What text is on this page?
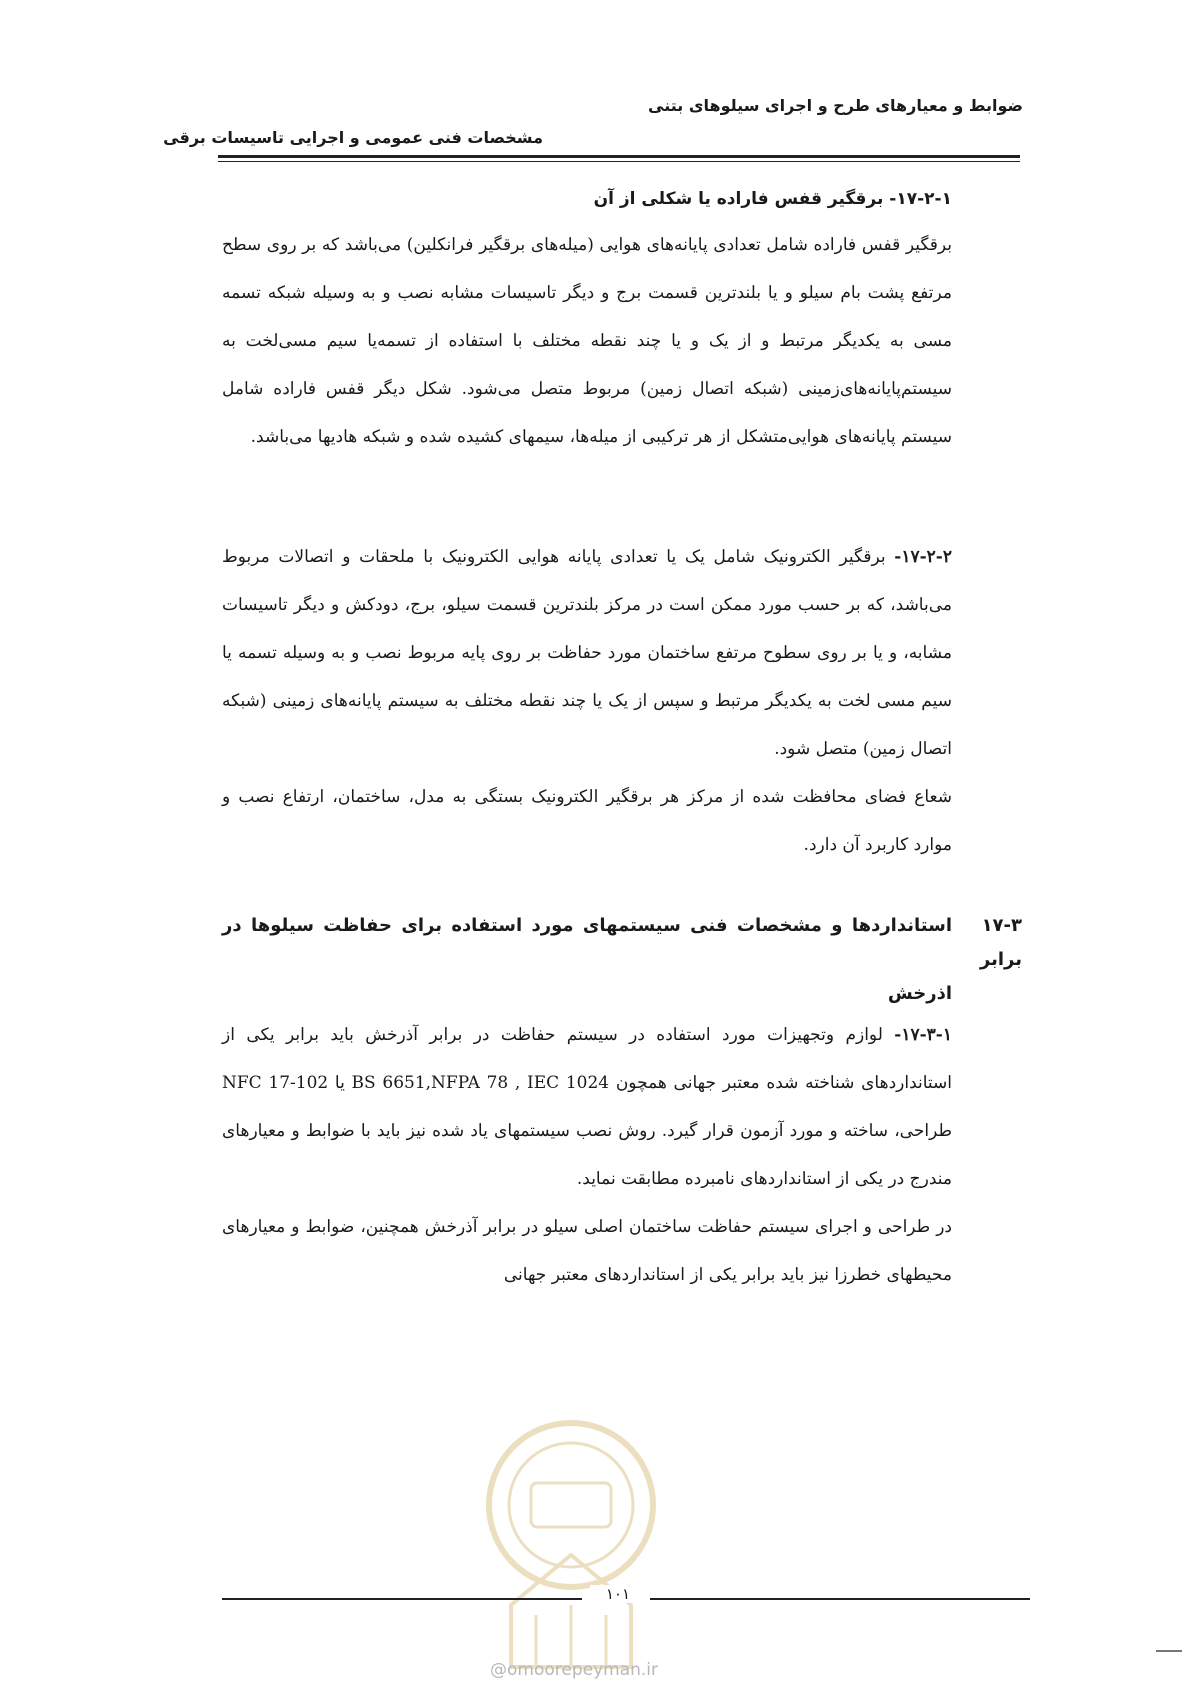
ضوابط و معیارهای طرح و اجرای سیلوهای بتنی
مشخصات فنی عمومی و اجرایی تاسیسات برقی

۱۷-۲-۱- برقگیر قفس فاراده یا شکلی از آن

برقگیر قفس فاراده شامل تعدادی پایانه‌های هوایی (میله‌های برقگیر فرانکلین) می‌باشد که بر روی سطح مرتفع پشت بام سیلو و یا بلندترین قسمت برج و دیگر تاسیسات مشابه نصب و به وسیله شبکه تسمه مسی به یکدیگر مرتبط و از یک و یا چند نقطه مختلف با استفاده از تسمه‌یا سیم مسی‌لخت به سیستم‌پایانه‌های‌زمینی (شبکه اتصال زمین) مربوط متصل می‌شود. شکل دیگر قفس فاراده شامل سیستم پایانه‌های هوایی‌متشکل از هر ترکیبی از میله‌ها، سیمهای کشیده شده و شبکه هادیها می‌باشد.

۱۷-۲-۲- برقگیر الکترونیک شامل یک یا تعدادی پایانه هوایی الکترونیک با ملحقات و اتصالات مربوط می‌باشد، که بر حسب مورد ممکن است در مرکز بلندترین قسمت سیلو، برج، دودکش و دیگر تاسیسات مشابه، و یا بر روی سطوح مرتفع ساختمان مورد حفاظت بر روی پایه مربوط نصب و به وسیله تسمه یا سیم مسی لخت به یکدیگر مرتبط و سپس از یک یا چند نقطه مختلف به سیستم پایانه‌های زمینی (شبکه اتصال زمین) متصل شود.

شعاع فضای محافظت شده از مرکز هر برقگیر الکترونیک بستگی به مدل، ساختمان، ارتفاع نصب و موارد کاربرد آن دارد.

۱۷-۳استانداردها و مشخصات فنی سیستمهای مورد استفاده برای حفاظت سیلوها در برابر
اذرخش

۱۷-۳-۱- لوازم وتجهیزات مورد استفاده در سیستم حفاظت در برابر آذرخش باید برابر یکی از استانداردهای شناخته شده معتبر جهانی همچون BS 6651,NFPA 78 , IEC 1024 یا NFC 17-102 طراحی، ساخته و مورد آزمون قرار گیرد. روش نصب سیستمهای یاد شده نیز باید با ضوابط و معیارهای مندرج در یکی از استانداردهای نامبرده مطابقت نماید.

در طراحی و اجرای سیستم حفاظت ساختمان اصلی سیلو در برابر آذرخش همچنین، ضوابط و معیارهای محیطهای خطرزا نیز باید برابر یکی از استانداردهای معتبر جهانی

۱۰۱
@omoorepeyman.ir
